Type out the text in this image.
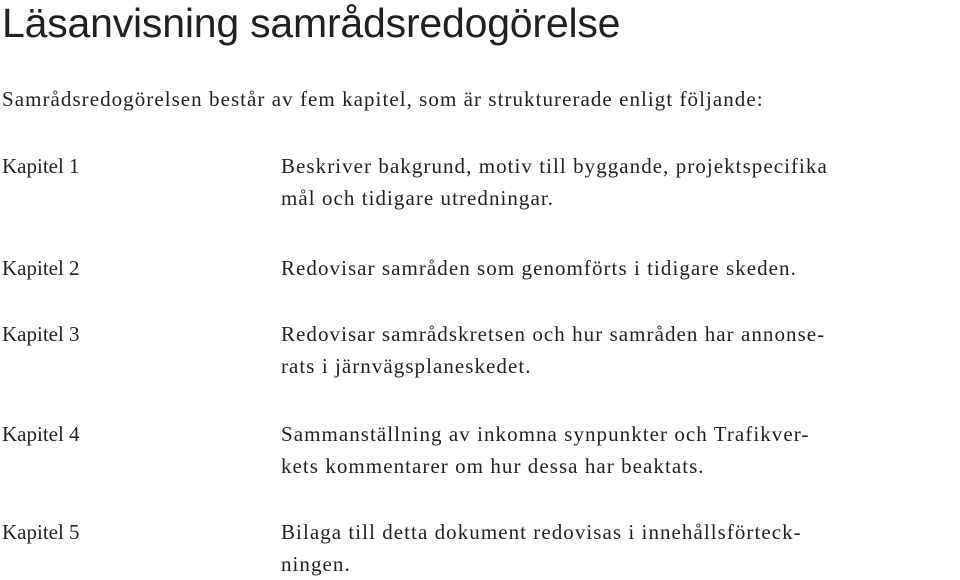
Läsanvisning samrådsredogörelse

Samrådsredogörelsen består av fem kapitel, som är strukturerade enligt följande:

Kapitel 1	Beskriver bakgrund, motiv till byggande, projektspecifika
mål och tidigare utredningar.
Kapitel 2	Redovisar samråden som genomförts i tidigare skeden.
Kapitel 3	Redovisar samrådskretsen och hur samråden har annonse-
rats i järnvägsplaneskedet.
Kapitel 4	Sammanställning av inkomna synpunkter och Trafikver-
kets kommentarer om hur dessa har beaktats.
Kapitel 5	Bilaga till detta dokument redovisas i innehållsförteck-
ningen.
